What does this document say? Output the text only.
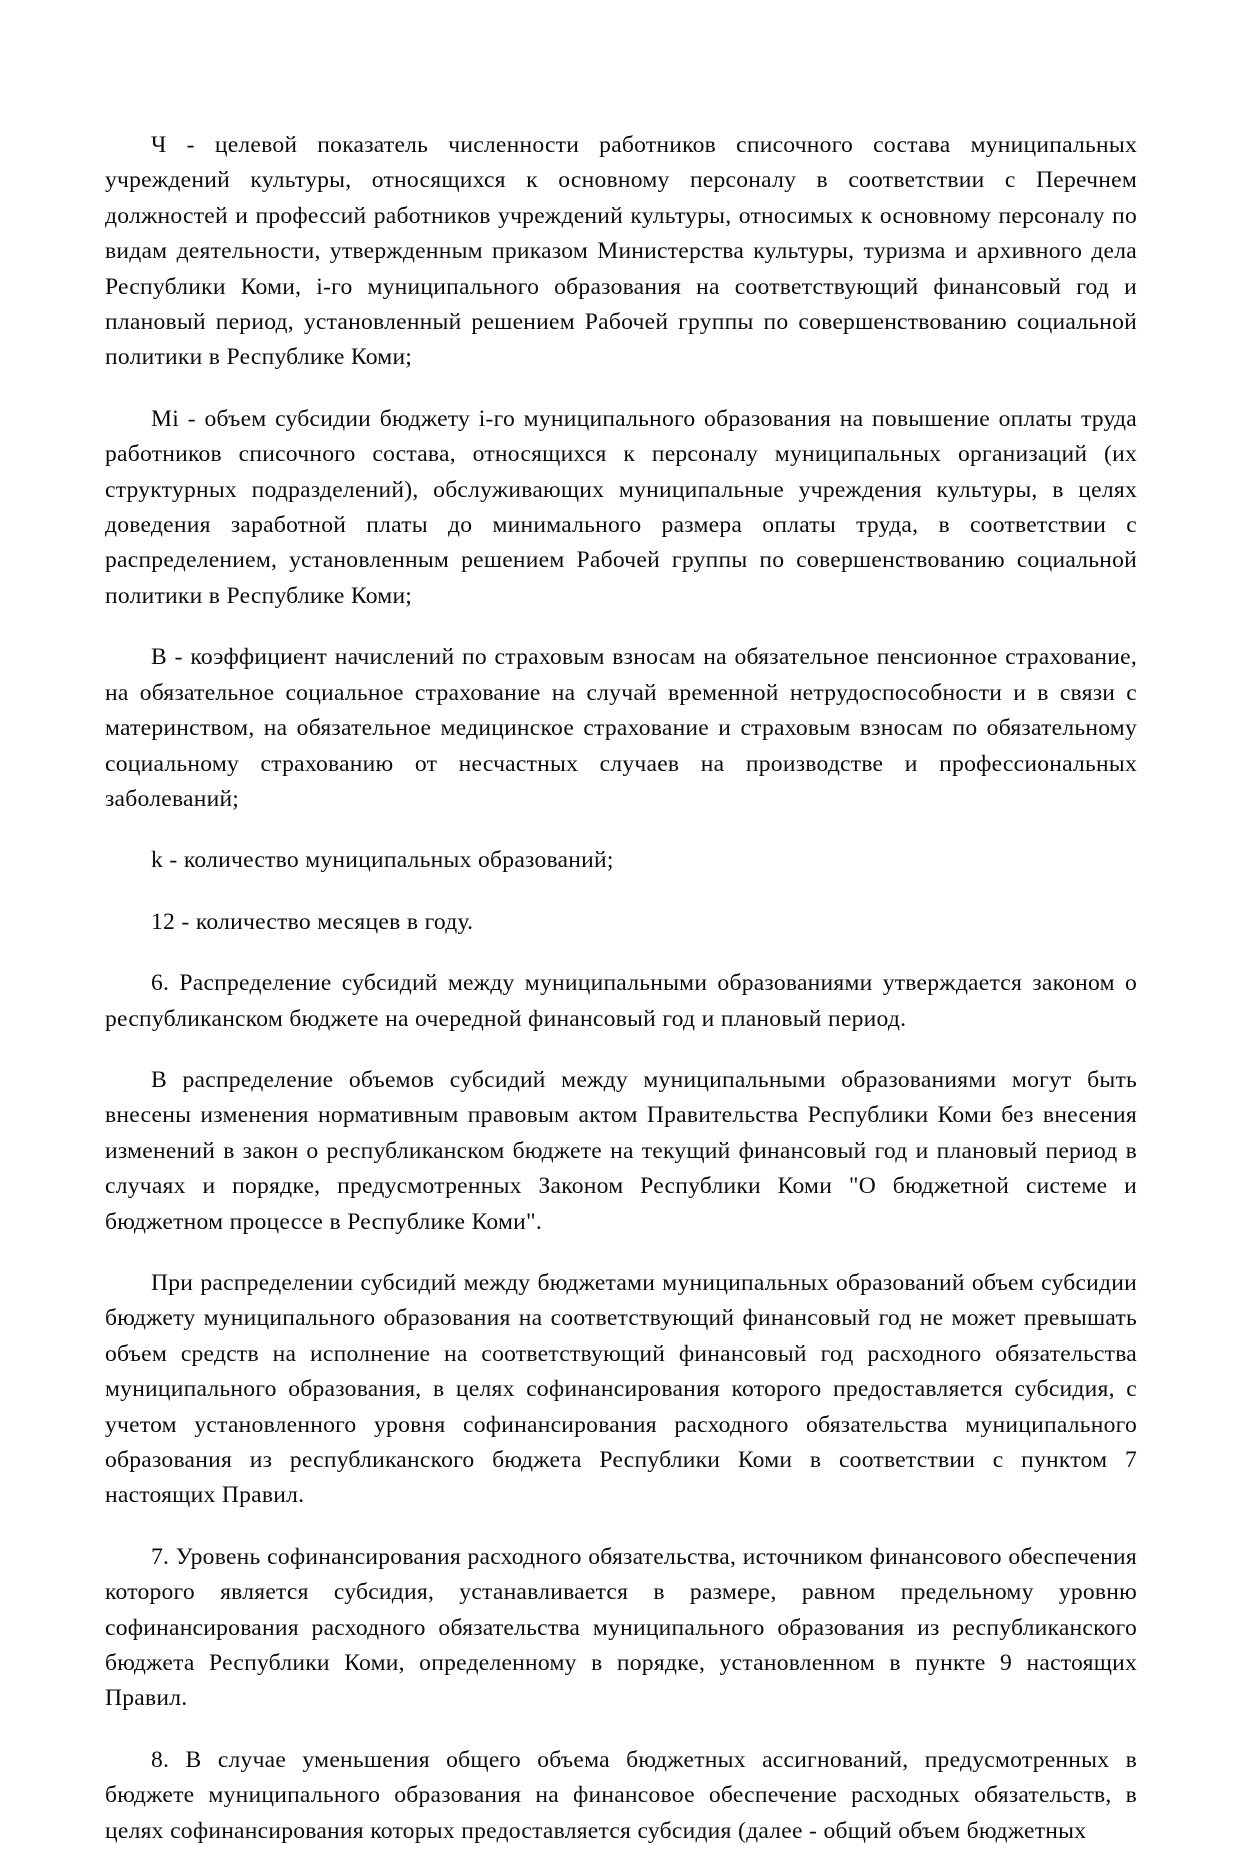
Ч - целевой показатель численности работников списочного состава муниципальных учреждений культуры, относящихся к основному персоналу в соответствии с Перечнем должностей и профессий работников учреждений культуры, относимых к основному персоналу по видам деятельности, утвержденным приказом Министерства культуры, туризма и архивного дела Республики Коми, i-го муниципального образования на соответствующий финансовый год и плановый период, установленный решением Рабочей группы по совершенствованию социальной политики в Республике Коми;

Mi - объем субсидии бюджету i-го муниципального образования на повышение оплаты труда работников списочного состава, относящихся к персоналу муниципальных организаций (их структурных подразделений), обслуживающих муниципальные учреждения культуры, в целях доведения заработной платы до минимального размера оплаты труда, в соответствии с распределением, установленным решением Рабочей группы по совершенствованию социальной политики в Республике Коми;

В - коэффициент начислений по страховым взносам на обязательное пенсионное страхование, на обязательное социальное страхование на случай временной нетрудоспособности и в связи с материнством, на обязательное медицинское страхование и страховым взносам по обязательному социальному страхованию от несчастных случаев на производстве и профессиональных заболеваний;

k - количество муниципальных образований;

12 - количество месяцев в году.

6. Распределение субсидий между муниципальными образованиями утверждается законом о республиканском бюджете на очередной финансовый год и плановый период.

В распределение объемов субсидий между муниципальными образованиями могут быть внесены изменения нормативным правовым актом Правительства Республики Коми без внесения изменений в закон о республиканском бюджете на текущий финансовый год и плановый период в случаях и порядке, предусмотренных Законом Республики Коми "О бюджетной системе и бюджетном процессе в Республике Коми".

При распределении субсидий между бюджетами муниципальных образований объем субсидии бюджету муниципального образования на соответствующий финансовый год не может превышать объем средств на исполнение на соответствующий финансовый год расходного обязательства муниципального образования, в целях софинансирования которого предоставляется субсидия, с учетом установленного уровня софинансирования расходного обязательства муниципального образования из республиканского бюджета Республики Коми в соответствии с пунктом 7 настоящих Правил.

7. Уровень софинансирования расходного обязательства, источником финансового обеспечения которого является субсидия, устанавливается в размере, равном предельному уровню софинансирования расходного обязательства муниципального образования из республиканского бюджета Республики Коми, определенному в порядке, установленном в пункте 9 настоящих Правил.

8. В случае уменьшения общего объема бюджетных ассигнований, предусмотренных в бюджете муниципального образования на финансовое обеспечение расходных обязательств, в целях софинансирования которых предоставляется субсидия (далее - общий объем бюджетных
